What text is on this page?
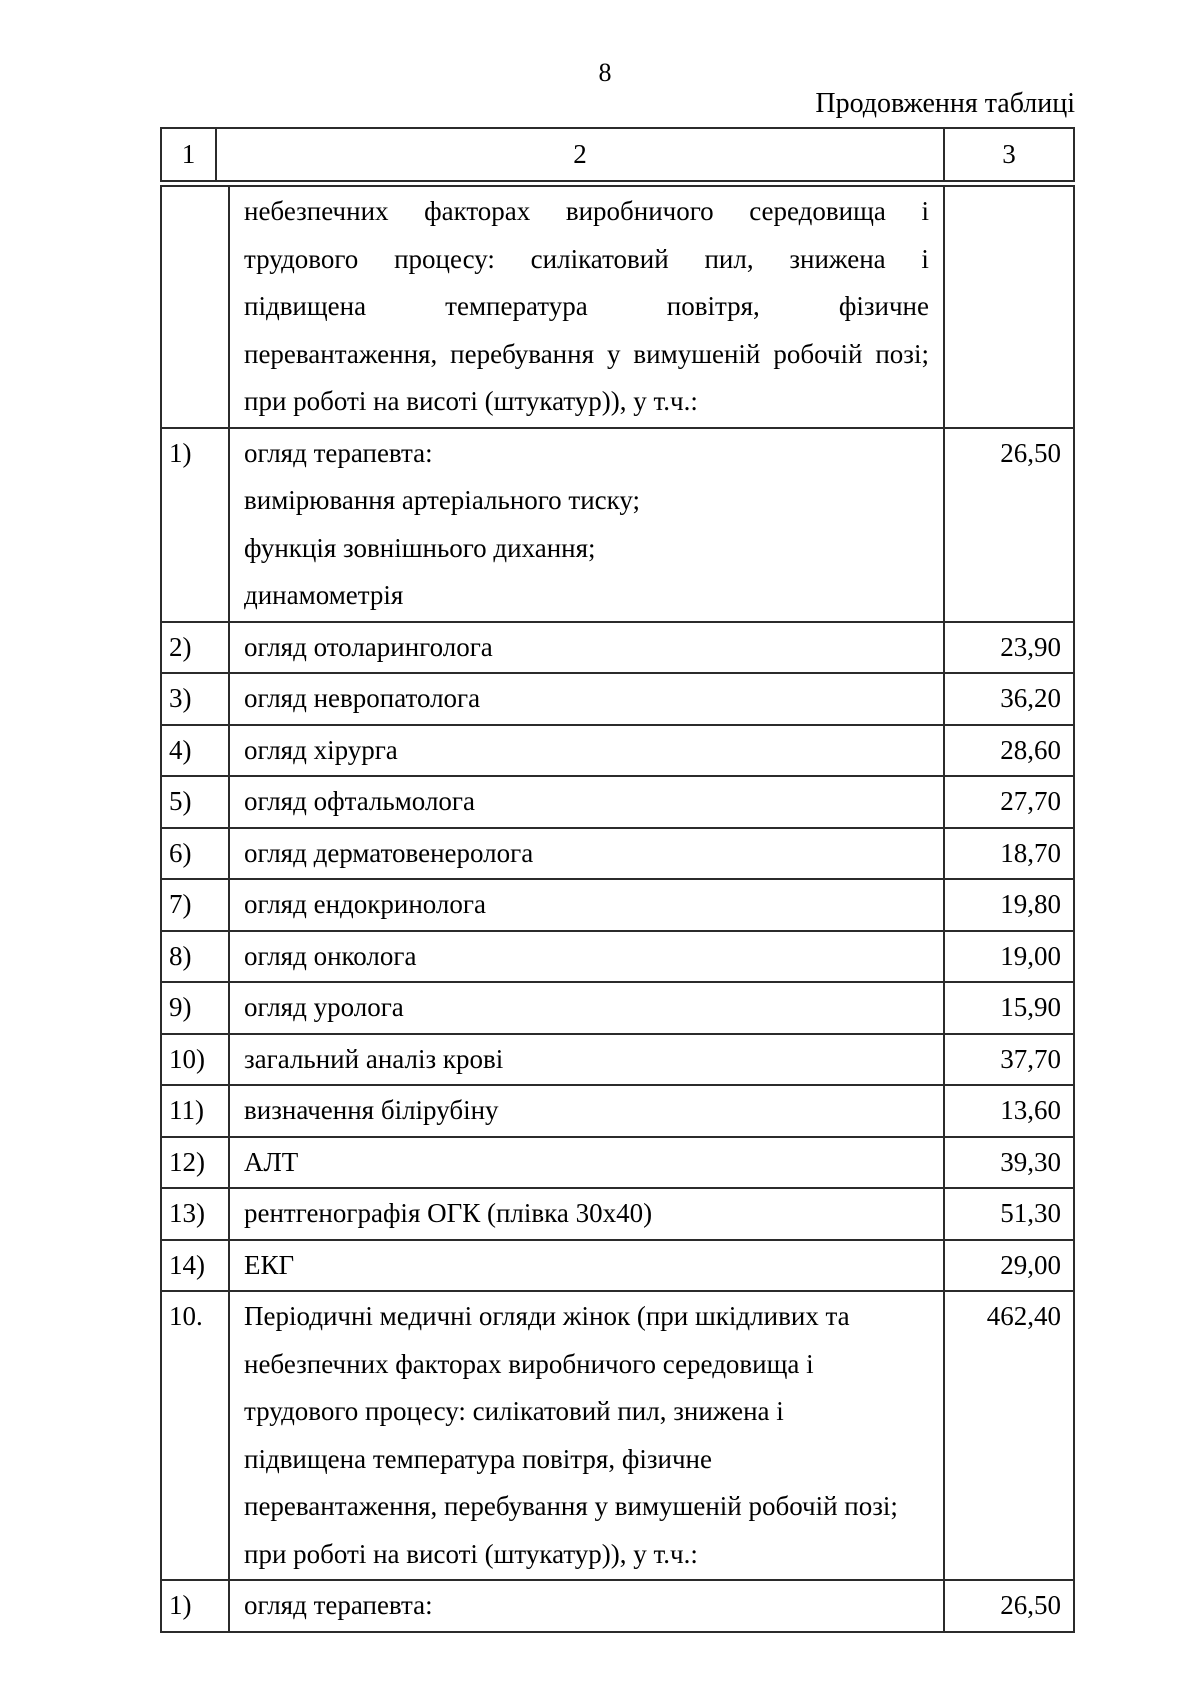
8
Продовження таблиці
1	2	3
небезпечних факторах виробничого середовища і
трудового процесу: силікатовий пил, знижена і
підвищена	температура	повітря,	фізичне
перевантаження, перебування у вимушеній робочій позі;
при роботі на висоті (штукатур)), у т.ч.:
1)	огляд терапевта:
вимірювання артеріального тиску;
функція зовнішнього дихання;
динамометрія
26,50
2)	огляд отоларинголога	23,90
3)	огляд невропатолога	36,20
4)	огляд хірурга	28,60
5)	огляд офтальмолога	27,70
6)	огляд дерматовенеролога	18,70
7)	огляд ендокринолога	19,80
8)	огляд онколога	19,00
9)	огляд уролога	15,90
10)	загальний аналіз крові	37,70
11)	визначення білірубіну	13,60
12)	АЛТ	39,30
13)	рентгенографія ОГК (плівка 30х40)	51,30
14)	ЕКГ	29,00
10.	Періодичні медичні огляди жінок (при шкідливих та
небезпечних факторах виробничого середовища і
трудового процесу: силікатовий пил, знижена і
підвищена температура повітря, фізичне
перевантаження, перебування у вимушеній робочій позі;
при роботі на висоті (штукатур)), у т.ч.:
462,40
1)	огляд терапевта:	26,50
